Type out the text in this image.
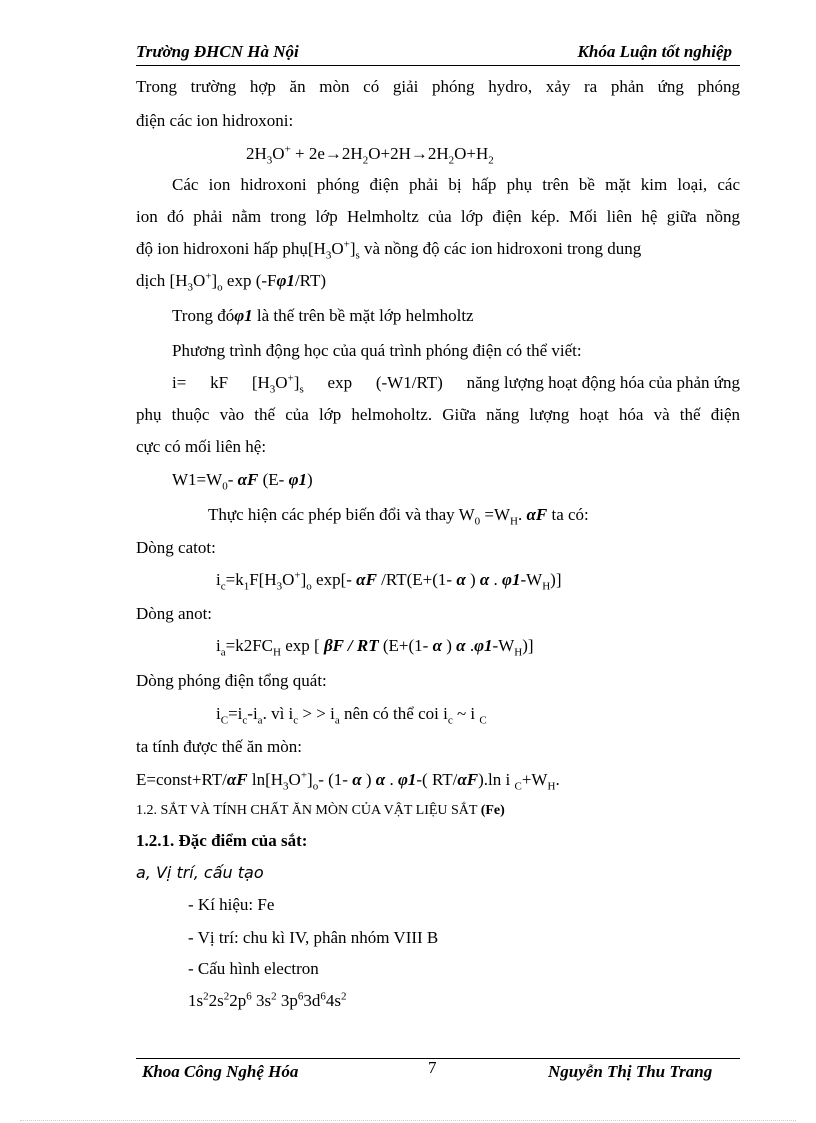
Trường ĐHCN Hà Nội	Khóa Luận tốt nghiệp
Trong trường hợp ăn mòn có giải phóng hydro, xảy ra phản ứng phóng
điện các ion hidroxoni:
$2H_3O^+ + 2e\to 2H_2O+2H\to 2H_2O+H_2$
Các ion hidroxoni phóng điện phải bị hấp phụ trên bề mặt kim loại, các
ion đó phải nằm trong lớp Helmholtz của lớp điện kép. Mối liên hệ giữa nồng
độ ion hidroxoni hấp $phụ[H_3O^+]_s$ và nồng độ các ion hidroxoni trong dung
dịch $[H_3O^+]_o$ exp (-Fφ1/RT)
Trong đóφ1 là thế trên bề mặt lớp helmholtz
Phương trình động học của quá trình phóng điện có thể viết:
i= kF $[H_3O^+]_s$ exp (-W1/RT) năng lượng hoạt động hóa của phản ứng
phụ thuộc vào thế của lớp helmoholtz. Giữa năng lượng hoạt hóa và thế điện
cực có mối liên hệ:
$W1=W_0-$ αF (E- φ1)
Thực hiện các phép biến đổi và thay $W_0 =W_H$. αF ta có:
Dòng catot:
$i_c=k_1F[H_3O^+]_o$ exp[- αF /RT(E+(1- α ) α . $\varphi 1-W_H$)]
Dòng anot:
$i_a=k2FC_H$ exp [ βF / RT (E+(1- α ) α $.\varphi 1-W_H$)]
Dòng phóng điện tổng quát:
$i_C=i_c-i_a$. vì $i_c$ > > $i_a$ nên có thể coi $i_c$ ~ i $_C$
ta tính được thế ăn mòn:
E=const+RT/αF $\ln[H_3O^+]_o-$ (1- α ) α . φ1-( RT/αF).ln i $_C+W_H$.
1.2. SẮT VÀ TÍNH CHẤT ĂN MÒN CỦA VẬT LIỆU SẮT (Fe)
1.2.1. Đặc điểm của sắt:
a, Vị trí, cấu tạo
- Kí hiệu: Fe
- Vị trí: chu kì IV, phân nhóm VIII B
- Cấu hình electron
$1s^22s^22p^6$ $3s^2$ $3p^63d^64s^2$
Khoa Công Nghệ Hóa	7	Nguyễn Thị Thu Trang
